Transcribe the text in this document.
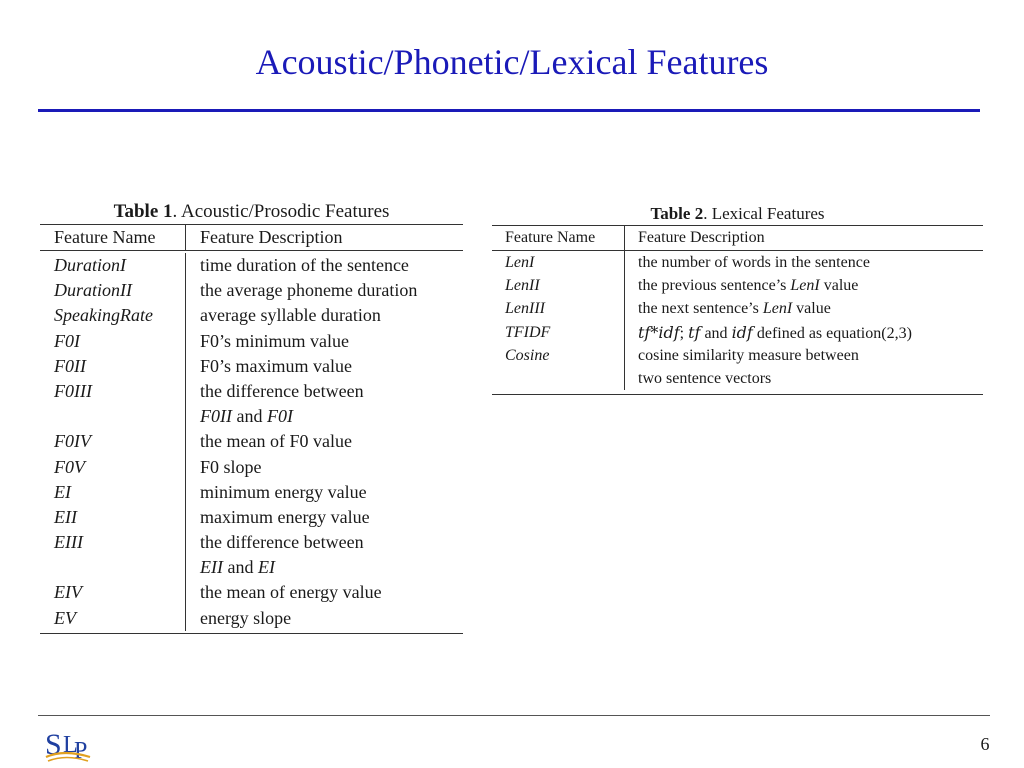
Acoustic/Phonetic/Lexical Features
Table 1. Acoustic/Prosodic Features
Feature Name	Feature Description
DurationI	time duration of the sentence
DurationII	the average phoneme duration
SpeakingRate	average syllable duration
F0I	F0’s minimum value
F0II	F0’s maximum value
F0III	the difference between
F0II and F0I
F0IV	the mean of F0 value
F0V	F0 slope
EI	minimum energy value
EII	maximum energy value
EIII	the difference between
EII and EI
EIV	the mean of energy value
EV	energy slope
Table 2. Lexical Features
Feature Name	Feature Description
LenI	the number of words in the sentence
LenII	the previous sentence’s LenI value
LenIII	the next sentence’s LenI value
TFIDF	tf*idf; tf and idf defined as equation(2,3)
Cosine	cosine similarity measure between
two sentence vectors
S L
P	6
